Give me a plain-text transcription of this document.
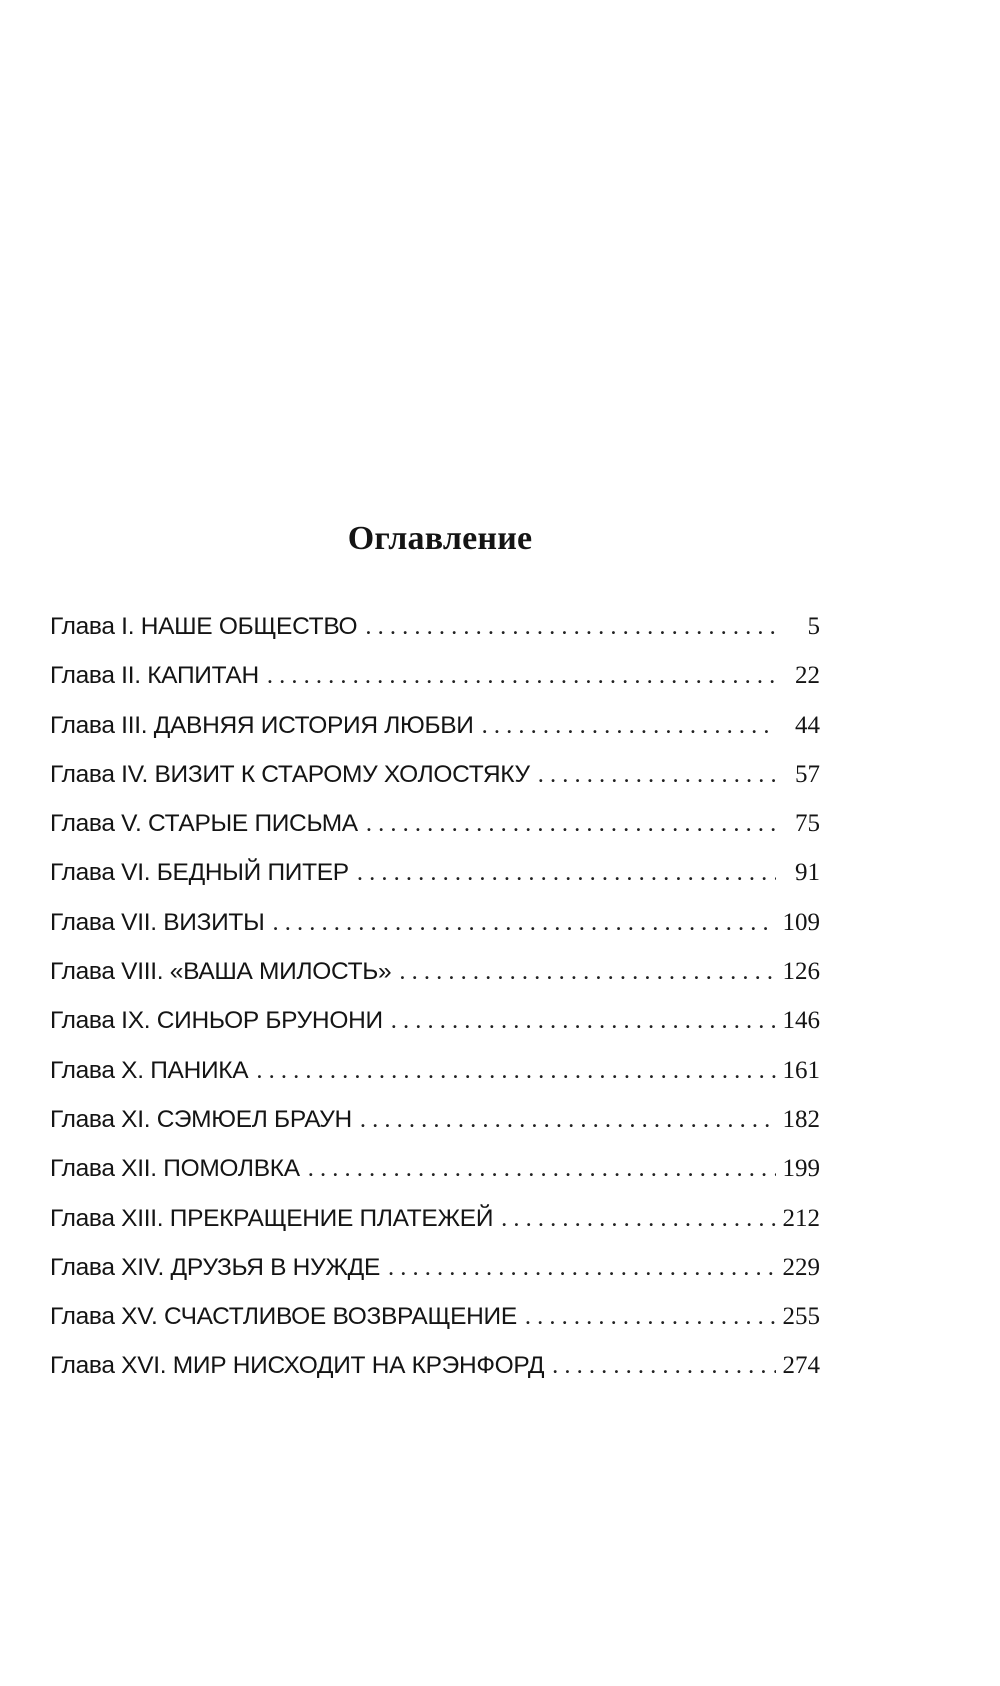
Оглавление
Глава I. НАШЕ ОБЩЕСТВО . . .	5
Глава II. КАПИТАН . . .	22
Глава III. ДАВНЯЯ ИСТОРИЯ ЛЮБВИ . . .	44
Глава IV. ВИЗИТ К СТАРОМУ ХОЛОСТЯКУ . . .	57
Глава V. СТАРЫЕ ПИСЬМА . . .	75
Глава VI. БЕДНЫЙ ПИТЕР . . .	91
Глава VII. ВИЗИТЫ . . .	109
Глава VIII. «ВАША МИЛОСТЬ» . . .	126
Глава IX. СИНЬОР БРУНОНИ . . .	146
Глава X. ПАНИКА . . .	161
Глава XI. СЭМЮЕЛ БРАУН . . .	182
Глава XII. ПОМОЛВКА . . .	199
Глава XIII. ПРЕКРАЩЕНИЕ ПЛАТЕЖЕЙ . . .	212
Глава XIV. ДРУЗЬЯ В НУЖДЕ . . .	229
Глава XV. СЧАСТЛИВОЕ ВОЗВРАЩЕНИЕ . . .	255
Глава XVI. МИР НИСХОДИТ НА КРЭНФОРД . . .	274
